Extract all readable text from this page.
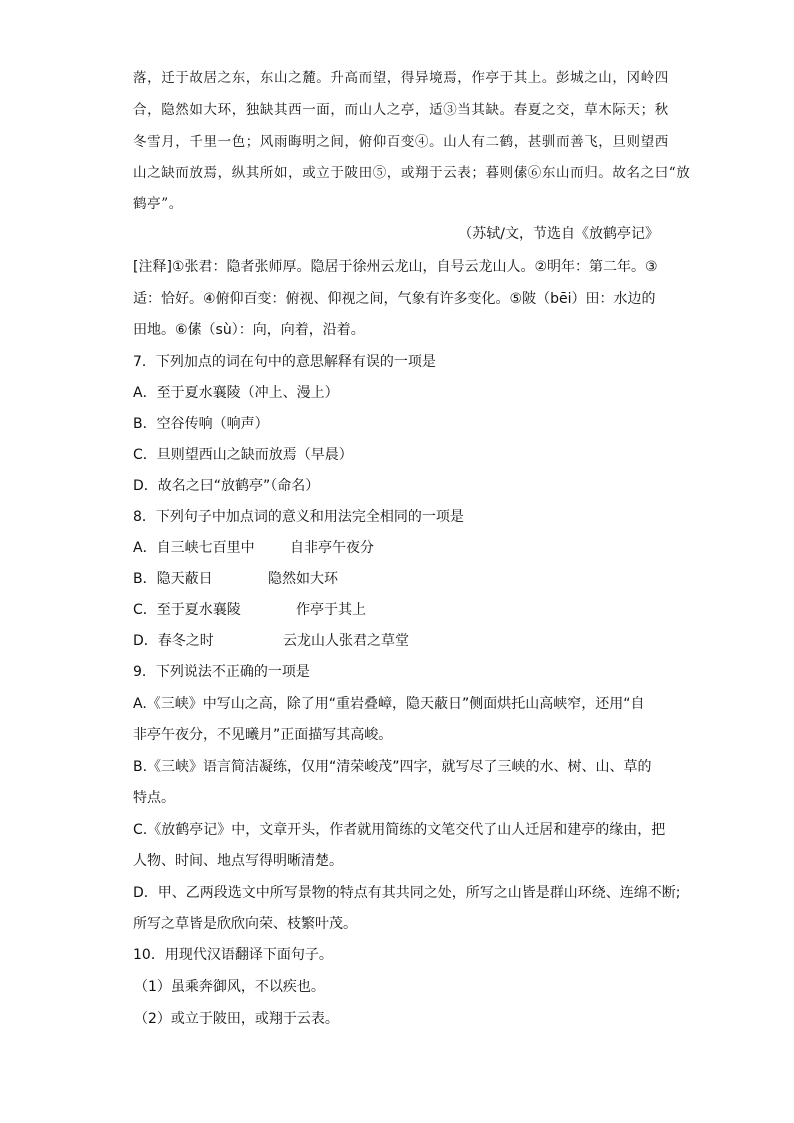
落，迁于故居之东，东山之麓。升高而望，得异境焉，作亭于其上。彭城之山，冈岭四
合，隐然如大环，独缺其西一面，而山人之亭，适③当其缺。春夏之交，草木际天；秋
冬雪月，千里一色；风雨晦明之间，俯仰百变④。山人有二鹤，甚驯而善飞，旦则望西
山之缺而放焉，纵其所如，或立于陂田⑤，或翔于云表；暮则傃⑥东山而归。故名之曰“放
鹤亭”。
（苏轼/文，节选自《放鹤亭记》
[注释]①张君：隐者张师厚。隐居于徐州云龙山，自号云龙山人。②明年：第二年。③
适：恰好。④俯仰百变：俯视、仰视之间，气象有许多变化。⑤陂（bēi）田：水边的
田地。⑥傃（sù）：向，向着，沿着。
7．下列加点的词在句中的意思解释有误的一项是
A．至于夏水襄陵（冲上、漫上）
B．空谷传响（响声）
C．旦则望西山之缺而放焉（早晨）
D．故名之曰“放鹤亭”（命名）
8．下列句子中加点词的意义和用法完全相同的一项是
A．自三峡七百里中	自非亭午夜分
B．隐天蔽日	隐然如大环
C．至于夏水襄陵	作亭于其上
D．春冬之时	云龙山人张君之草堂
9．下列说法不正确的一项是
A.《三峡》中写山之高，除了用“重岩叠嶂，隐天蔽日”侧面烘托山高峡窄，还用“自
非亭午夜分，不见曦月”正面描写其高峻。
B.《三峡》语言简洁凝练，仅用“清荣峻茂”四字，就写尽了三峡的水、树、山、草的
特点。
C.《放鹤亭记》中，文章开头，作者就用简练的文笔交代了山人迁居和建亭的缘由，把
人物、时间、地点写得明晰清楚。
D．甲、乙两段选文中所写景物的特点有其共同之处，所写之山皆是群山环绕、连绵不断;
所写之草皆是欣欣向荣、枝繁叶茂。
10．用现代汉语翻译下面句子。
（1）虽乘奔御风，不以疾也。
（2）或立于陂田，或翔于云表。
